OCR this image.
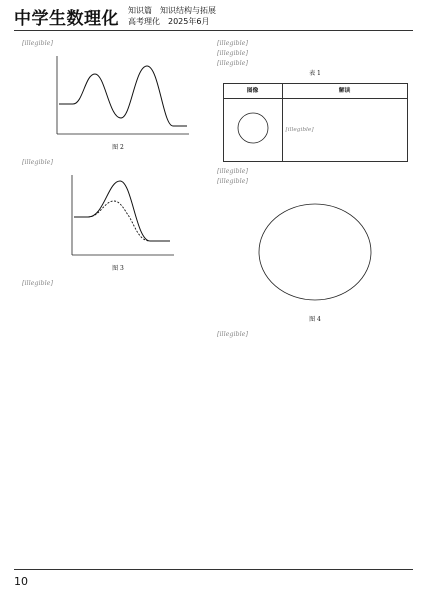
中学生数理化 知识篇　知识结构与拓展
高考理化　2025年6月

[illegible]

图 2

[illegible]

图 3

[illegible]

[illegible]

[illegible]

[illegible]

表 1
图像	解读
	[illegible]

[illegible]

[illegible]

图 4

[illegible]

10
